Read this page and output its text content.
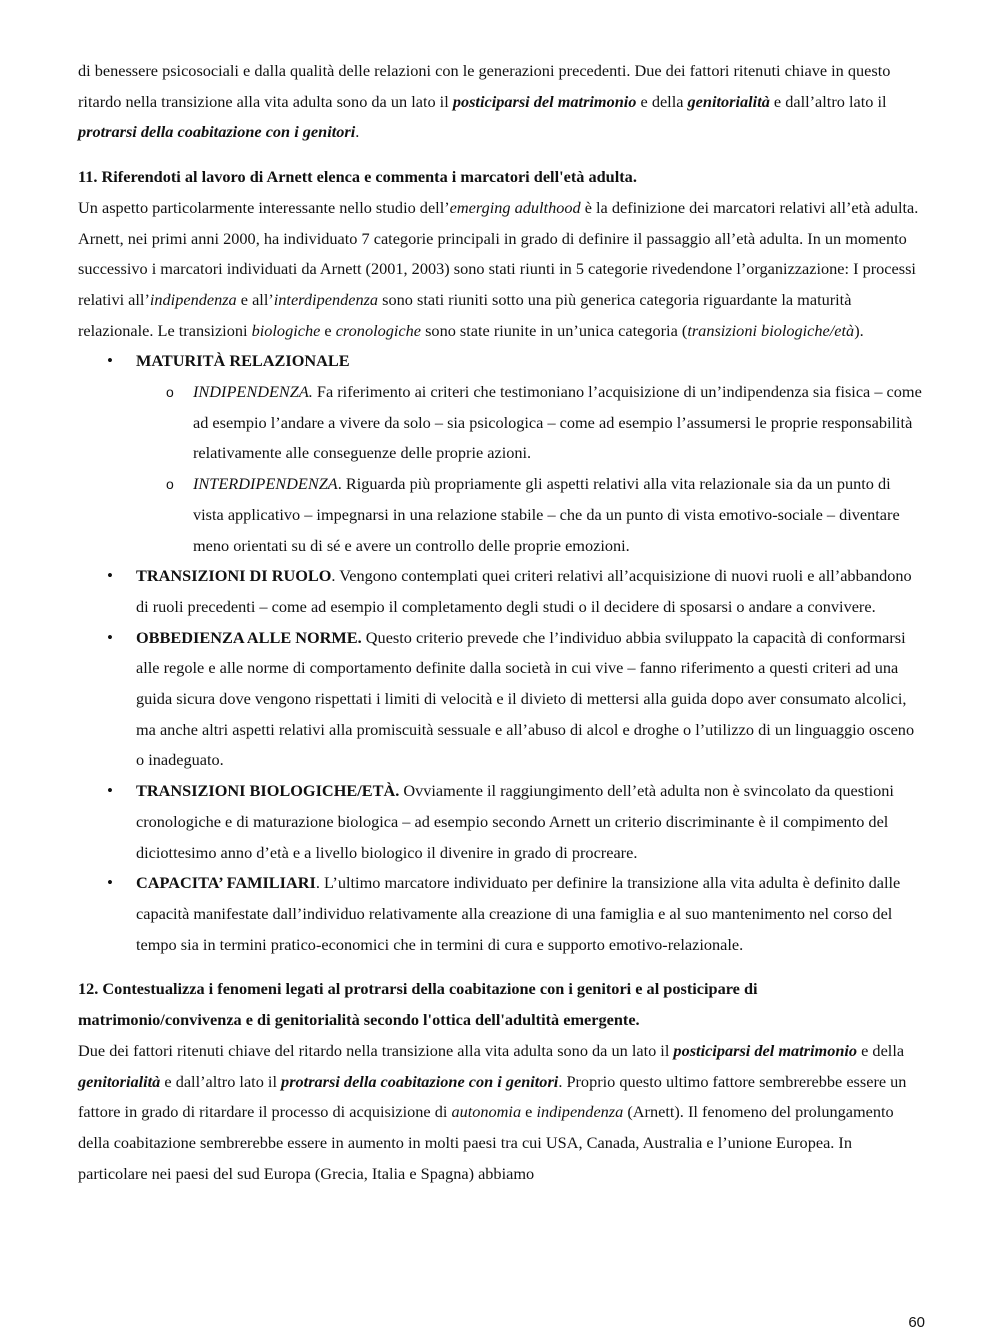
di benessere psicosociali e dalla qualità delle relazioni con le generazioni precedenti. Due dei fattori ritenuti chiave in questo ritardo nella transizione alla vita adulta sono da un lato il posticiparsi del matrimonio e della genitorialità e dall’altro lato il protrarsi della coabitazione con i genitori.

11. Riferendoti al lavoro di Arnett elenca e commenta i marcatori dell'età adulta.

Un aspetto particolarmente interessante nello studio dell’emerging adulthood è la definizione dei marcatori relativi all’età adulta. Arnett, nei primi anni 2000, ha individuato 7 categorie principali in grado di definire il passaggio all’età adulta. In un momento successivo i marcatori individuati da Arnett (2001, 2003) sono stati riunti in 5 categorie rivedendone l’organizzazione: I processi relativi all’indipendenza e all’interdipendenza sono stati riuniti sotto una più generica categoria riguardante la maturità relazionale. Le transizioni biologiche e cronologiche sono state riunite in un’unica categoria (transizioni biologiche/età).

• MATURITÀ RELAZIONALE
o INDIPENDENZA. Fa riferimento ai criteri che testimoniano l’acquisizione di un’indipendenza sia fisica – come ad esempio l’andare a vivere da solo – sia psicologica – come ad esempio l’assumersi le proprie responsabilità relativamente alle conseguenze delle proprie azioni.
o INTERDIPENDENZA. Riguarda più propriamente gli aspetti relativi alla vita relazionale sia da un punto di vista applicativo – impegnarsi in una relazione stabile – che da un punto di vista emotivo-sociale – diventare meno orientati su di sé e avere un controllo delle proprie emozioni.
• TRANSIZIONI DI RUOLO. Vengono contemplati quei criteri relativi all’acquisizione di nuovi ruoli e all’abbandono di ruoli precedenti – come ad esempio il completamento degli studi o il decidere di sposarsi o andare a convivere.
• OBBEDIENZA ALLE NORME. Questo criterio prevede che l’individuo abbia sviluppato la capacità di conformarsi alle regole e alle norme di comportamento definite dalla società in cui vive – fanno riferimento a questi criteri ad una guida sicura dove vengono rispettati i limiti di velocità e il divieto di mettersi alla guida dopo aver consumato alcolici, ma anche altri aspetti relativi alla promiscuità sessuale e all’abuso di alcol e droghe o l’utilizzo di un linguaggio osceno o inadeguato.
• TRANSIZIONI BIOLOGICHE/ETÀ. Ovviamente il raggiungimento dell’età adulta non è svincolato da questioni cronologiche e di maturazione biologica – ad esempio secondo Arnett un criterio discriminante è il compimento del diciottesimo anno d’età e a livello biologico il divenire in grado di procreare.
• CAPACITA’ FAMILIARI. L’ultimo marcatore individuato per definire la transizione alla vita adulta è definito dalle capacità manifestate dall’individuo relativamente alla creazione di una famiglia e al suo mantenimento nel corso del tempo sia in termini pratico-economici che in termini di cura e supporto emotivo-relazionale.

12. Contestualizza i fenomeni legati al protrarsi della coabitazione con i genitori e al posticipare di matrimonio/convivenza e di genitorialità secondo l'ottica dell'adultità emergente.

Due dei fattori ritenuti chiave del ritardo nella transizione alla vita adulta sono da un lato il posticiparsi del matrimonio e della genitorialità e dall’altro lato il protrarsi della coabitazione con i genitori. Proprio questo ultimo fattore sembrerebbe essere un fattore in grado di ritardare il processo di acquisizione di autonomia e indipendenza (Arnett). Il fenomeno del prolungamento della coabitazione sembrerebbe essere in aumento in molti paesi tra cui USA, Canada, Australia e l’unione Europea. In particolare nei paesi del sud Europa (Grecia, Italia e Spagna) abbiamo

60
